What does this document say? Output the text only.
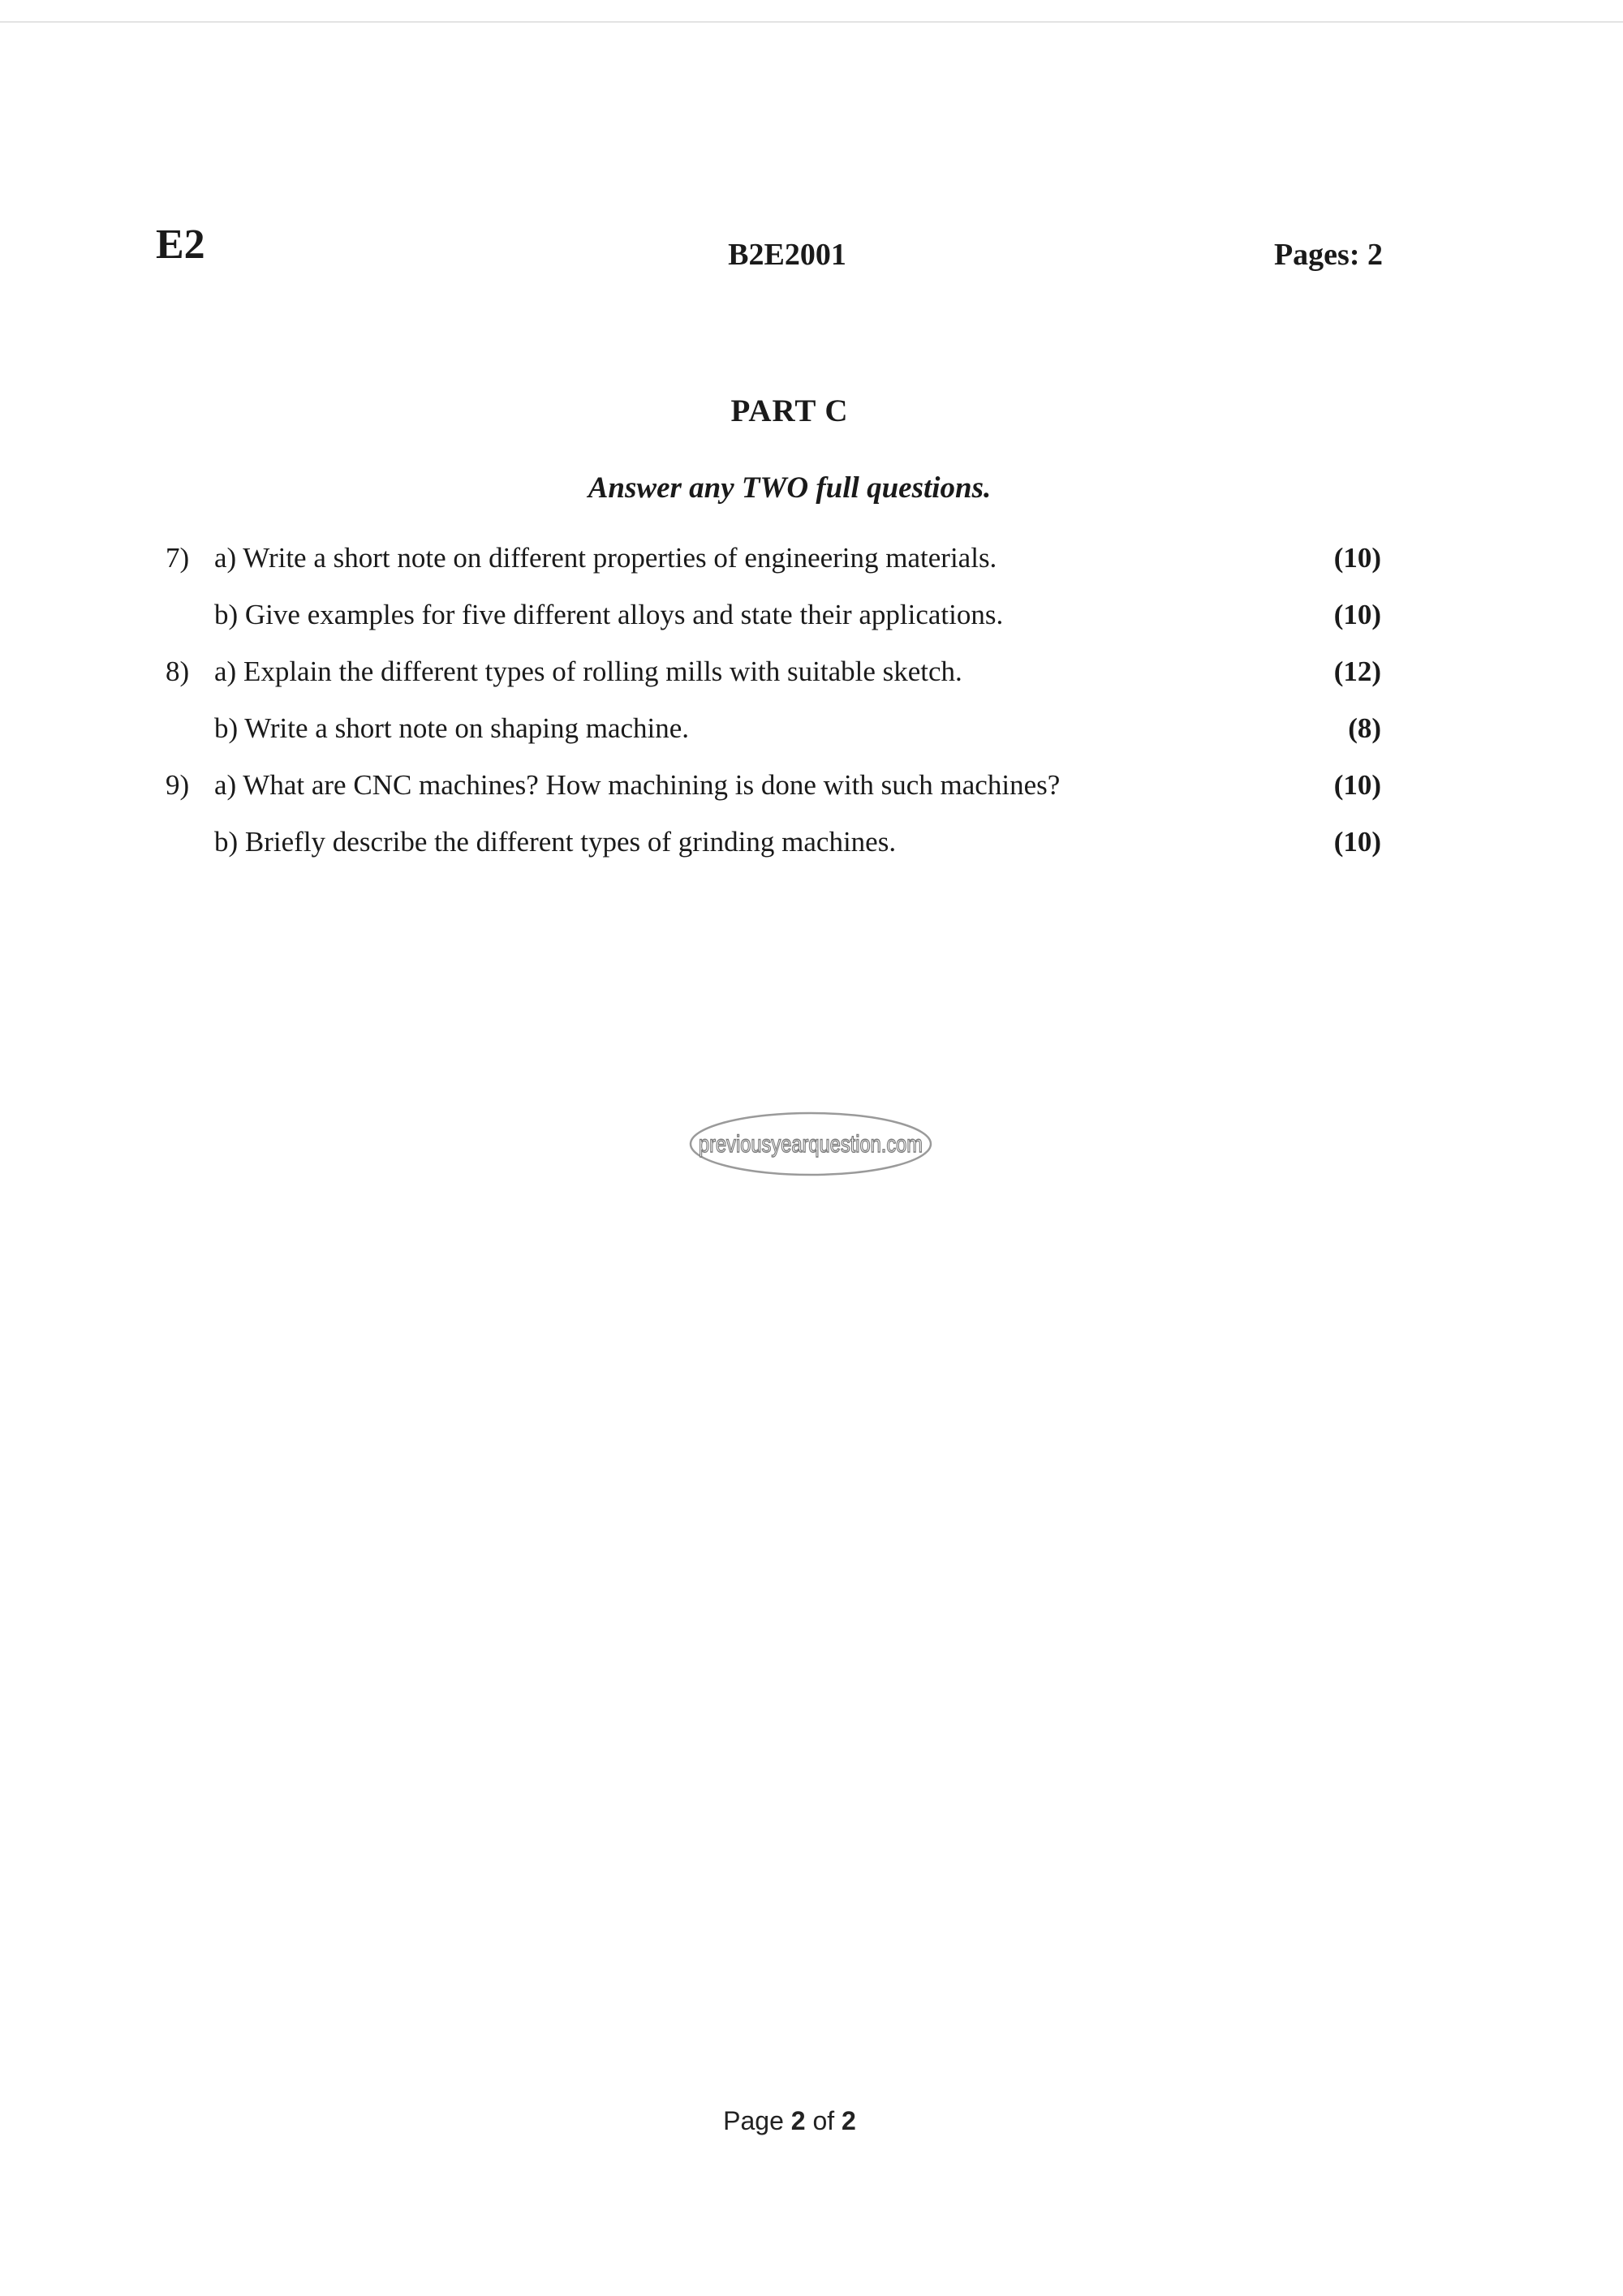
E2	B2E2001	Pages: 2
PART C
Answer any TWO full questions.
7) a) Write a short note on different properties of engineering materials.	(10)
b) Give examples for five different alloys and state their applications.	(10)
8) a) Explain the different types of rolling mills with suitable sketch.	(12)
b) Write a short note on shaping machine.	(8)
9) a) What are CNC machines? How machining is done with such machines?	(10)
b) Briefly describe the different types of grinding machines.	(10)
previousyearquestion.com
Page 2 of 2
